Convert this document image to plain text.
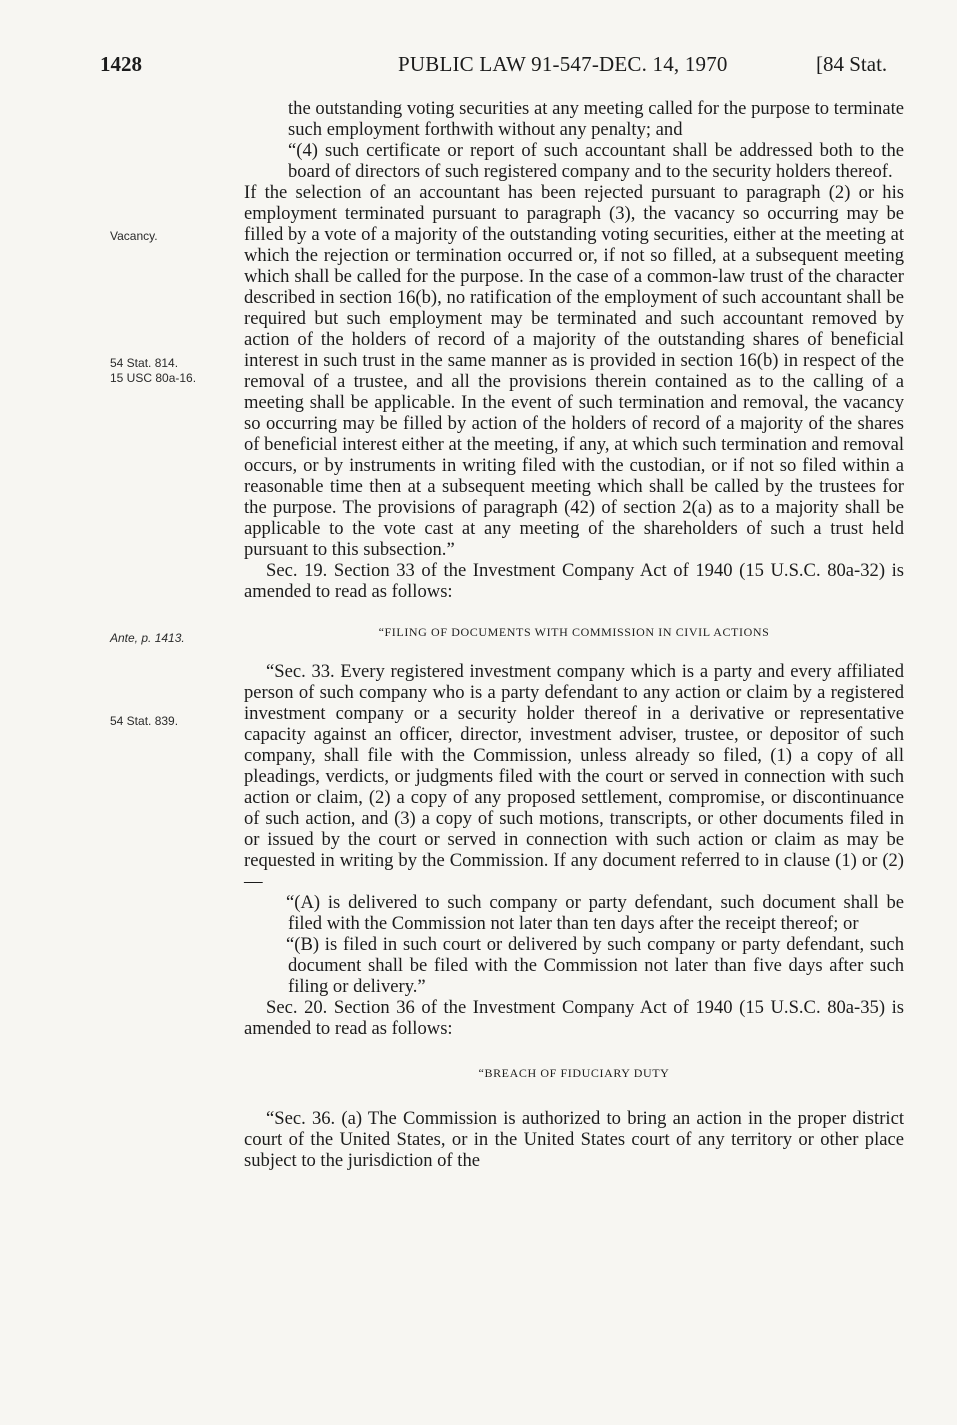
1428	PUBLIC LAW 91-547-DEC. 14, 1970	[84 Stat.
Vacancy.
54 Stat. 814.
15 USC 80a-16.
Ante, p. 1413.
54 Stat. 839.

the outstanding voting securities at any meeting called for the purpose to terminate such employment forthwith without any penalty; and

“(4) such certificate or report of such accountant shall be addressed both to the board of directors of such registered company and to the security holders thereof.

If the selection of an accountant has been rejected pursuant to paragraph (2) or his employment terminated pursuant to paragraph (3), the vacancy so occurring may be filled by a vote of a majority of the outstanding voting securities, either at the meeting at which the rejection or termination occurred or, if not so filled, at a subsequent meeting which shall be called for the purpose. In the case of a common-law trust of the character described in section 16(b), no ratification of the employment of such accountant shall be required but such employment may be terminated and such accountant removed by action of the holders of record of a majority of the outstanding shares of beneficial interest in such trust in the same manner as is provided in section 16(b) in respect of the removal of a trustee, and all the provisions therein contained as to the calling of a meeting shall be applicable. In the event of such termination and removal, the vacancy so occurring may be filled by action of the holders of record of a majority of the shares of beneficial interest either at the meeting, if any, at which such termination and removal occurs, or by instruments in writing filed with the custodian, or if not so filed within a reasonable time then at a subsequent meeting which shall be called by the trustees for the purpose. The provisions of paragraph (42) of section 2(a) as to a majority shall be applicable to the vote cast at any meeting of the shareholders of such a trust held pursuant to this subsection.”

Sec. 19. Section 33 of the Investment Company Act of 1940 (15 U.S.C. 80a-32) is amended to read as follows:

“FILING OF DOCUMENTS WITH COMMISSION IN CIVIL ACTIONS

“Sec. 33. Every registered investment company which is a party and every affiliated person of such company who is a party defendant to any action or claim by a registered investment company or a security holder thereof in a derivative or representative capacity against an officer, director, investment adviser, trustee, or depositor of such company, shall file with the Commission, unless already so filed, (1) a copy of all pleadings, verdicts, or judgments filed with the court or served in connection with such action or claim, (2) a copy of any proposed settlement, compromise, or discontinuance of such action, and (3) a copy of such motions, transcripts, or other documents filed in or issued by the court or served in connection with such action or claim as may be requested in writing by the Commission. If any document referred to in clause (1) or (2)—

“(A) is delivered to such company or party defendant, such document shall be filed with the Commission not later than ten days after the receipt thereof; or

“(B) is filed in such court or delivered by such company or party defendant, such document shall be filed with the Commission not later than five days after such filing or delivery.”

Sec. 20. Section 36 of the Investment Company Act of 1940 (15 U.S.C. 80a-35) is amended to read as follows:

“BREACH OF FIDUCIARY DUTY

“Sec. 36. (a) The Commission is authorized to bring an action in the proper district court of the United States, or in the United States court of any territory or other place subject to the jurisdiction of the
